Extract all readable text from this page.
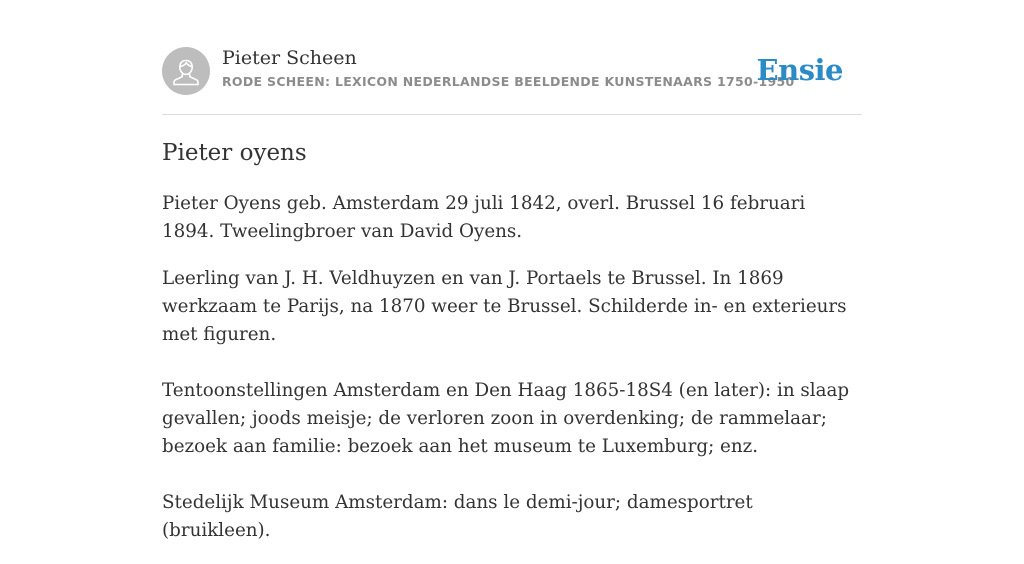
Pieter Scheen
RODE SCHEEN: LEXICON NEDERLANDSE BEELDENDE KUNSTENAARS 1750-1950
Ensie
Pieter oyens

Pieter Oyens geb. Amsterdam 29 juli 1842, overl. Brussel 16 februari 1894. Tweelingbroer van David Oyens.

Leerling van J. H. Veldhuyzen en van J. Portaels te Brussel. In 1869 werkzaam te Parijs, na 1870 weer te Brussel. Schilderde in- en exterieurs met figuren.

Tentoonstellingen Amsterdam en Den Haag 1865-18S4 (en later): in slaap gevallen; joods meisje; de verloren zoon in overdenking; de rammelaar; bezoek aan familie: bezoek aan het museum te Luxemburg; enz.

Stedelijk Museum Amsterdam: dans le demi-jour; damesportret (bruikleen).
